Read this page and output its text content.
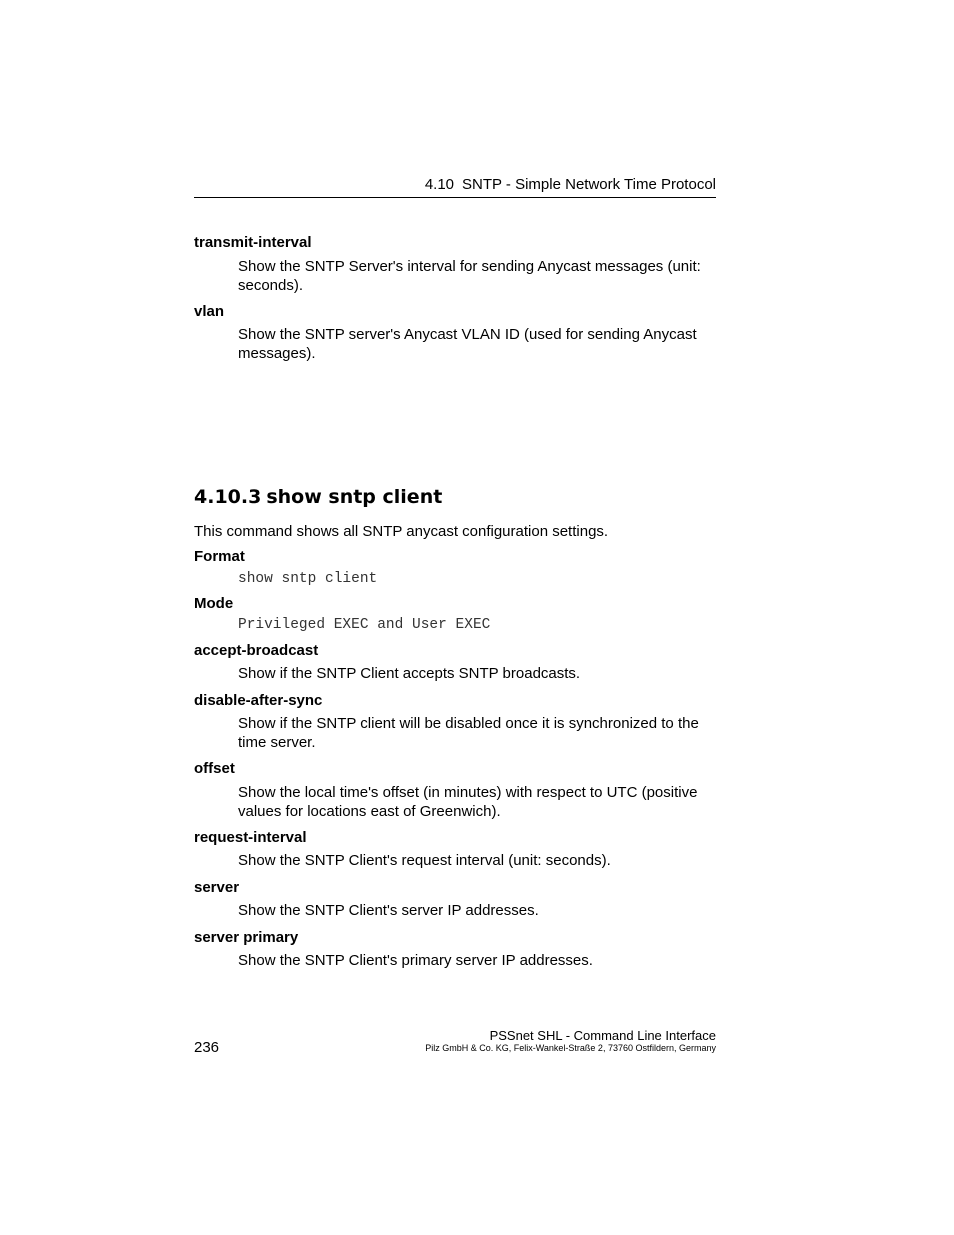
4.10 SNTP - Simple Network Time Protocol
transmit-interval
Show the SNTP Server's interval for sending Anycast messages (unit: seconds).
vlan
Show the SNTP server's Anycast VLAN ID (used for sending Anycast messages).
4.10.3 show sntp client
This command shows all SNTP anycast configuration settings.
Format
show sntp client
Mode
Privileged EXEC and User EXEC
accept-broadcast
Show if the SNTP Client accepts SNTP broadcasts.
disable-after-sync
Show if the SNTP client will be disabled once it is synchronized to the time server.
offset
Show the local time's offset (in minutes) with respect to UTC (positive values for locations east of Greenwich).
request-interval
Show the SNTP Client's request interval (unit: seconds).
server
Show the SNTP Client's server IP addresses.
server primary
Show the SNTP Client's primary server IP addresses.
236
PSSnet SHL - Command Line Interface
Pilz GmbH & Co. KG, Felix-Wankel-Straße 2, 73760 Ostfildern, Germany
